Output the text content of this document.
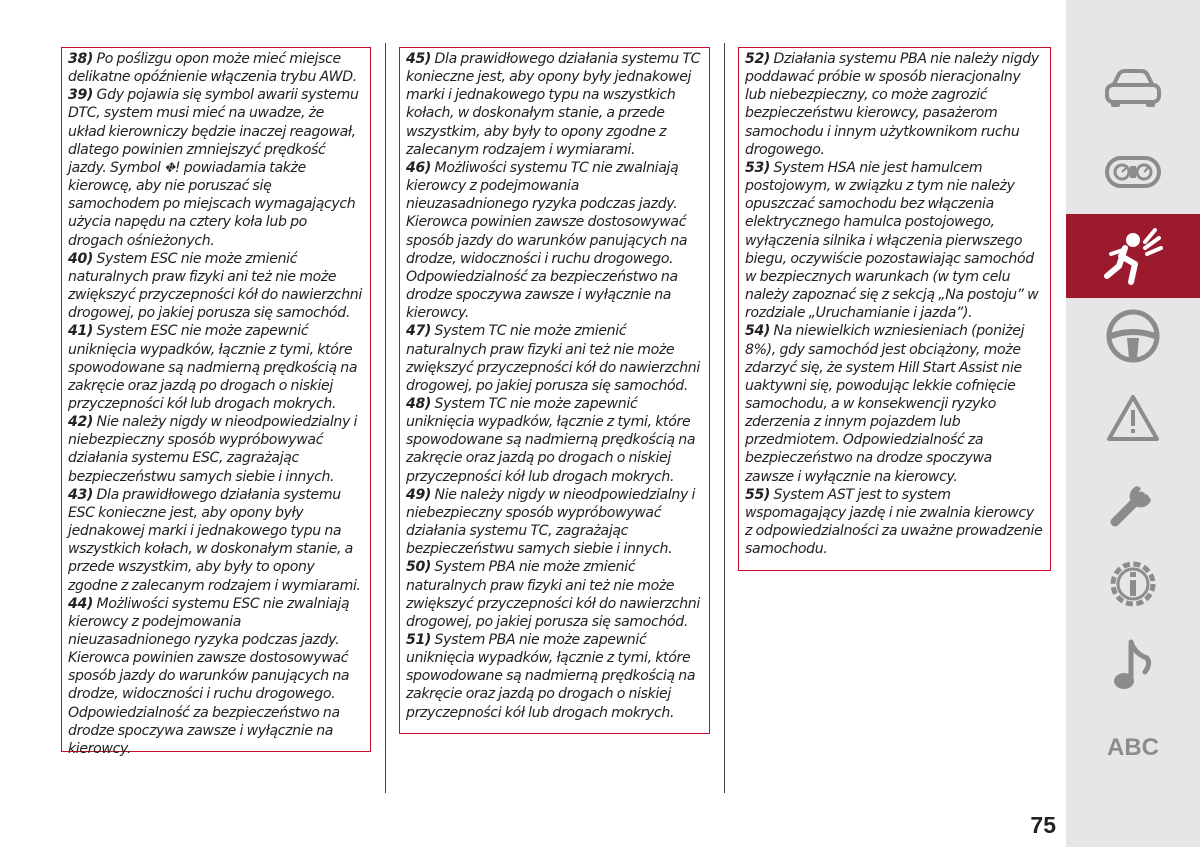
38) Po poślizgu opon może mieć miejsce delikatne opóźnienie włączenia trybu AWD.

39) Gdy pojawia się symbol awarii systemu DTC, system musi mieć na uwadze, że układ kierowniczy będzie inaczej reagował, dlatego powinien zmniejszyć prędkość jazdy. Symbol ⛖! powiadamia także kierowcę, aby nie poruszać się samochodem po miejscach wymagających użycia napędu na cztery koła lub po drogach ośnieżonych.

40) System ESC nie może zmienić naturalnych praw fizyki ani też nie może zwiększyć przyczepności kół do nawierzchni drogowej, po jakiej porusza się samochód.

41) System ESC nie może zapewnić uniknięcia wypadków, łącznie z tymi, które spowodowane są nadmierną prędkością na zakręcie oraz jazdą po drogach o niskiej przyczepności kół lub drogach mokrych.

42) Nie należy nigdy w nieodpowiedzialny i niebezpieczny sposób wypróbowywać działania systemu ESC, zagrażając bezpieczeństwu samych siebie i innych.

43) Dla prawidłowego działania systemu ESC konieczne jest, aby opony były jednakowej marki i jednakowego typu na wszystkich kołach, w doskonałym stanie, a przede wszystkim, aby były to opony zgodne z zalecanym rodzajem i wymiarami.

44) Możliwości systemu ESC nie zwalniają kierowcy z podejmowania nieuzasadnionego ryzyka podczas jazdy. Kierowca powinien zawsze dostosowywać sposób jazdy do warunków panujących na drodze, widoczności i ruchu drogowego. Odpowiedzialność za bezpieczeństwo na drodze spoczywa zawsze i wyłącznie na kierowcy.

45) Dla prawidłowego działania systemu TC konieczne jest, aby opony były jednakowej marki i jednakowego typu na wszystkich kołach, w doskonałym stanie, a przede wszystkim, aby były to opony zgodne z zalecanym rodzajem i wymiarami.

46) Możliwości systemu TC nie zwalniają kierowcy z podejmowania nieuzasadnionego ryzyka podczas jazdy. Kierowca powinien zawsze dostosowywać sposób jazdy do warunków panujących na drodze, widoczności i ruchu drogowego. Odpowiedzialność za bezpieczeństwo na drodze spoczywa zawsze i wyłącznie na kierowcy.

47) System TC nie może zmienić naturalnych praw fizyki ani też nie może zwiększyć przyczepności kół do nawierzchni drogowej, po jakiej porusza się samochód.

48) System TC nie może zapewnić uniknięcia wypadków, łącznie z tymi, które spowodowane są nadmierną prędkością na zakręcie oraz jazdą po drogach o niskiej przyczepności kół lub drogach mokrych.

49) Nie należy nigdy w nieodpowiedzialny i niebezpieczny sposób wypróbowywać działania systemu TC, zagrażając bezpieczeństwu samych siebie i innych.

50) System PBA nie może zmienić naturalnych praw fizyki ani też nie może zwiększyć przyczepności kół do nawierzchni drogowej, po jakiej porusza się samochód.

51) System PBA nie może zapewnić uniknięcia wypadków, łącznie z tymi, które spowodowane są nadmierną prędkością na zakręcie oraz jazdą po drogach o niskiej przyczepności kół lub drogach mokrych.

52) Działania systemu PBA nie należy nigdy poddawać próbie w sposób nieracjonalny lub niebezpieczny, co może zagrozić bezpieczeństwu kierowcy, pasażerom samochodu i innym użytkownikom ruchu drogowego.

53) System HSA nie jest hamulcem postojowym, w związku z tym nie należy opuszczać samochodu bez włączenia elektrycznego hamulca postojowego, wyłączenia silnika i włączenia pierwszego biegu, oczywiście pozostawiając samochód w bezpiecznych warunkach (w tym celu należy zapoznać się z sekcją „Na postoju” w rozdziale „Uruchamianie i jazda”).

54) Na niewielkich wzniesieniach (poniżej 8%), gdy samochód jest obciążony, może zdarzyć się, że system Hill Start Assist nie uaktywni się, powodując lekkie cofnięcie samochodu, a w konsekwencji ryzyko zderzenia z innym pojazdem lub przedmiotem. Odpowiedzialność za bezpieczeństwo na drodze spoczywa zawsze i wyłącznie na kierowcy.

55) System AST jest to system wspomagający jazdę i nie zwalnia kierowcy z odpowiedzialności za uważne prowadzenie samochodu.

ABC
75
